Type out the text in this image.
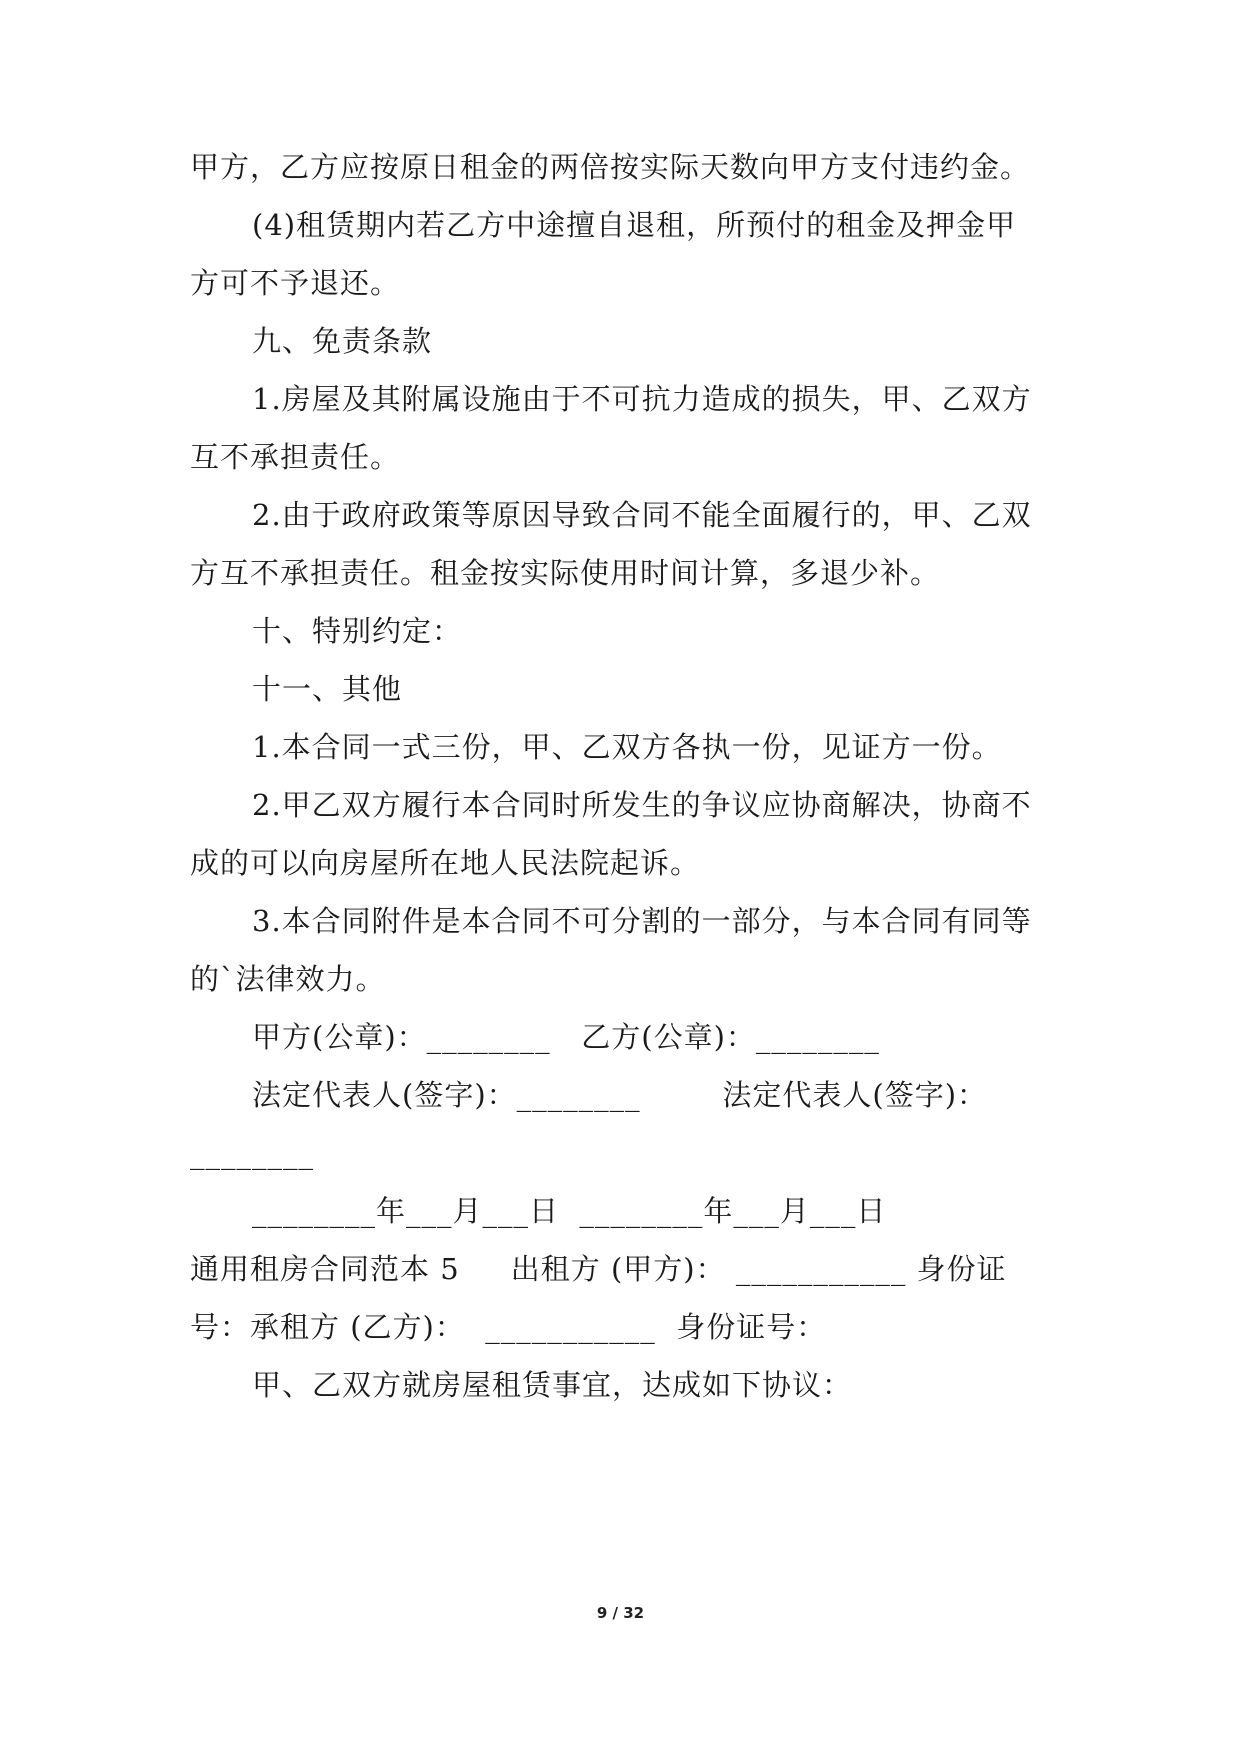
甲方，乙方应按原日租金的两倍按实际天数向甲方支付违约金。
(4)租赁期内若乙方中途擅自退租，所预付的租金及押金甲
方可不予退还。
九、免责条款
1.房屋及其附属设施由于不可抗力造成的损失，甲、乙双方
互不承担责任。
2.由于政府政策等原因导致合同不能全面履行的，甲、乙双
方互不承担责任。租金按实际使用时间计算，多退少补。
十、特别约定：
十一、其他
1.本合同一式三份，甲、乙双方各执一份，见证方一份。
2.甲乙双方履行本合同时所发生的争议应协商解决，协商不
成的可以向房屋所在地人民法院起诉。
3.本合同附件是本合同不可分割的一部分，与本合同有同等
的`法律效力。
甲方(公章)：________   乙方(公章)：________
法定代表人(签字)：________        法定代表人(签字)：
________
________年___月___日  ________年___月___日
通用租房合同范本 5     出租方 (甲方)： ___________ 身份证
号：承租方 (乙方)：  ___________  身份证号：
甲、乙双方就房屋租赁事宜，达成如下协议：
9 / 32
